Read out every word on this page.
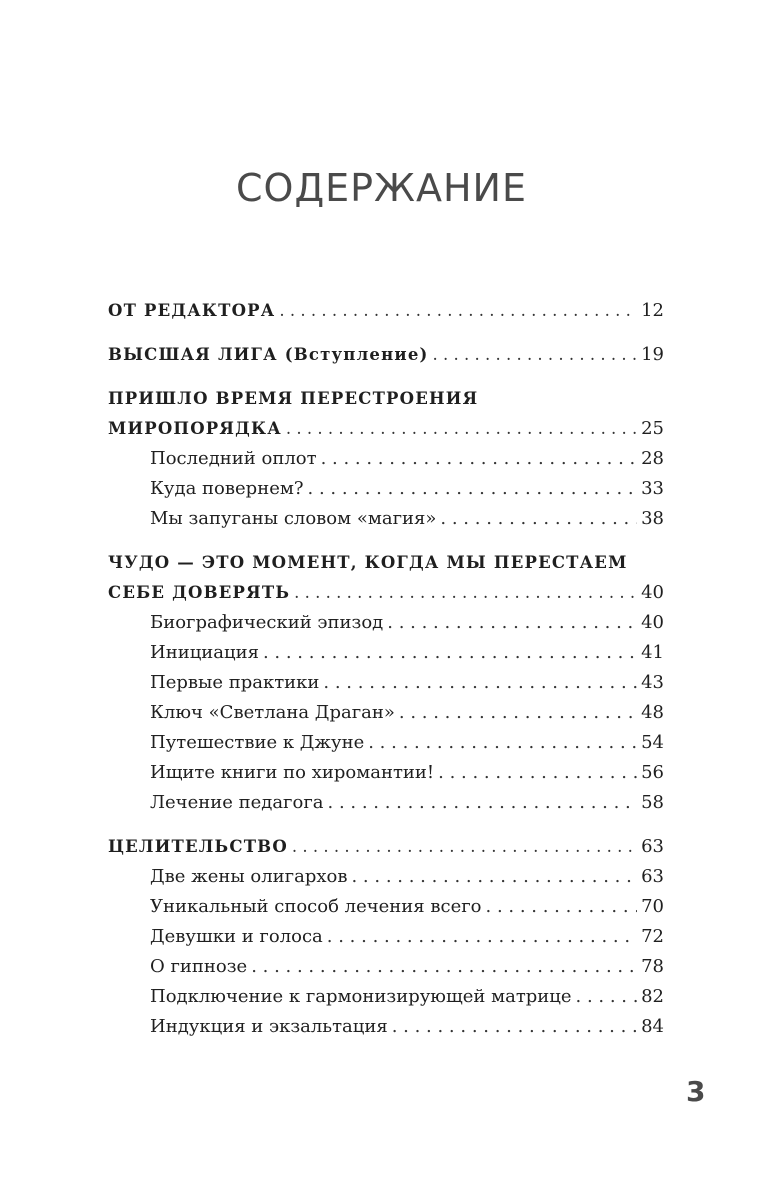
СОДЕРЖАНИЕ
ОТ РЕДАКТОРА . . .	12
ВЫСШАЯ ЛИГА (Вступление) . . .	19
ПРИШЛО ВРЕМЯ ПЕРЕСТРОЕНИЯ
МИРОПОРЯДКА . . .	25
Последний оплот . . .	28
Куда повернем? . . .	33
Мы запуганы словом «магия» . . .	38
ЧУДО — ЭТО МОМЕНТ, КОГДА МЫ ПЕРЕСТАЕМ
СЕБЕ ДОВЕРЯТЬ . . .	40
Биографический эпизод . . .	40
Инициация . . .	41
Первые практики . . .	43
Ключ «Светлана Драган» . . .	48
Путешествие к Джуне . . .	54
Ищите книги по хиромантии! . . .	56
Лечение педагога . . .	58
ЦЕЛИТЕЛЬСТВО . . .	63
Две жены олигархов . . .	63
Уникальный способ лечения всего . . .	70
Девушки и голоса . . .	72
О гипнозе . . .	78
Подключение к гармонизирующей матрице . . .	82
Индукция и экзальтация . . .	84
3
